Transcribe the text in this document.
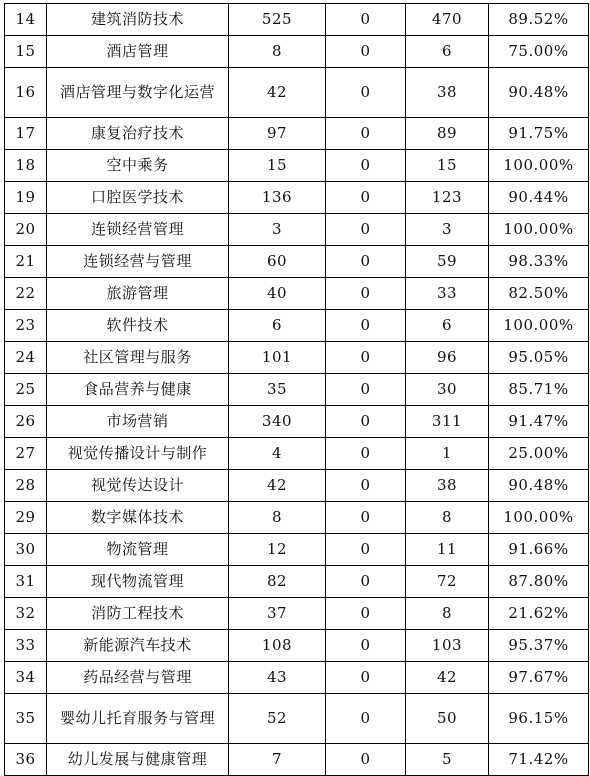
14	建筑消防技术	525	0	470	89.52%
15	酒店管理	8	0	6	75.00%
16	酒店管理与数字化运营	42	0	38	90.48%
17	康复治疗技术	97	0	89	91.75%
18	空中乘务	15	0	15	100.00%
19	口腔医学技术	136	0	123	90.44%
20	连锁经营管理	3	0	3	100.00%
21	连锁经营与管理	60	0	59	98.33%
22	旅游管理	40	0	33	82.50%
23	软件技术	6	0	6	100.00%
24	社区管理与服务	101	0	96	95.05%
25	食品营养与健康	35	0	30	85.71%
26	市场营销	340	0	311	91.47%
27	视觉传播设计与制作	4	0	1	25.00%
28	视觉传达设计	42	0	38	90.48%
29	数字媒体技术	8	0	8	100.00%
30	物流管理	12	0	11	91.66%
31	现代物流管理	82	0	72	87.80%
32	消防工程技术	37	0	8	21.62%
33	新能源汽车技术	108	0	103	95.37%
34	药品经营与管理	43	0	42	97.67%
35	婴幼儿托育服务与管理	52	0	50	96.15%
36	幼儿发展与健康管理	7	0	5	71.42%
